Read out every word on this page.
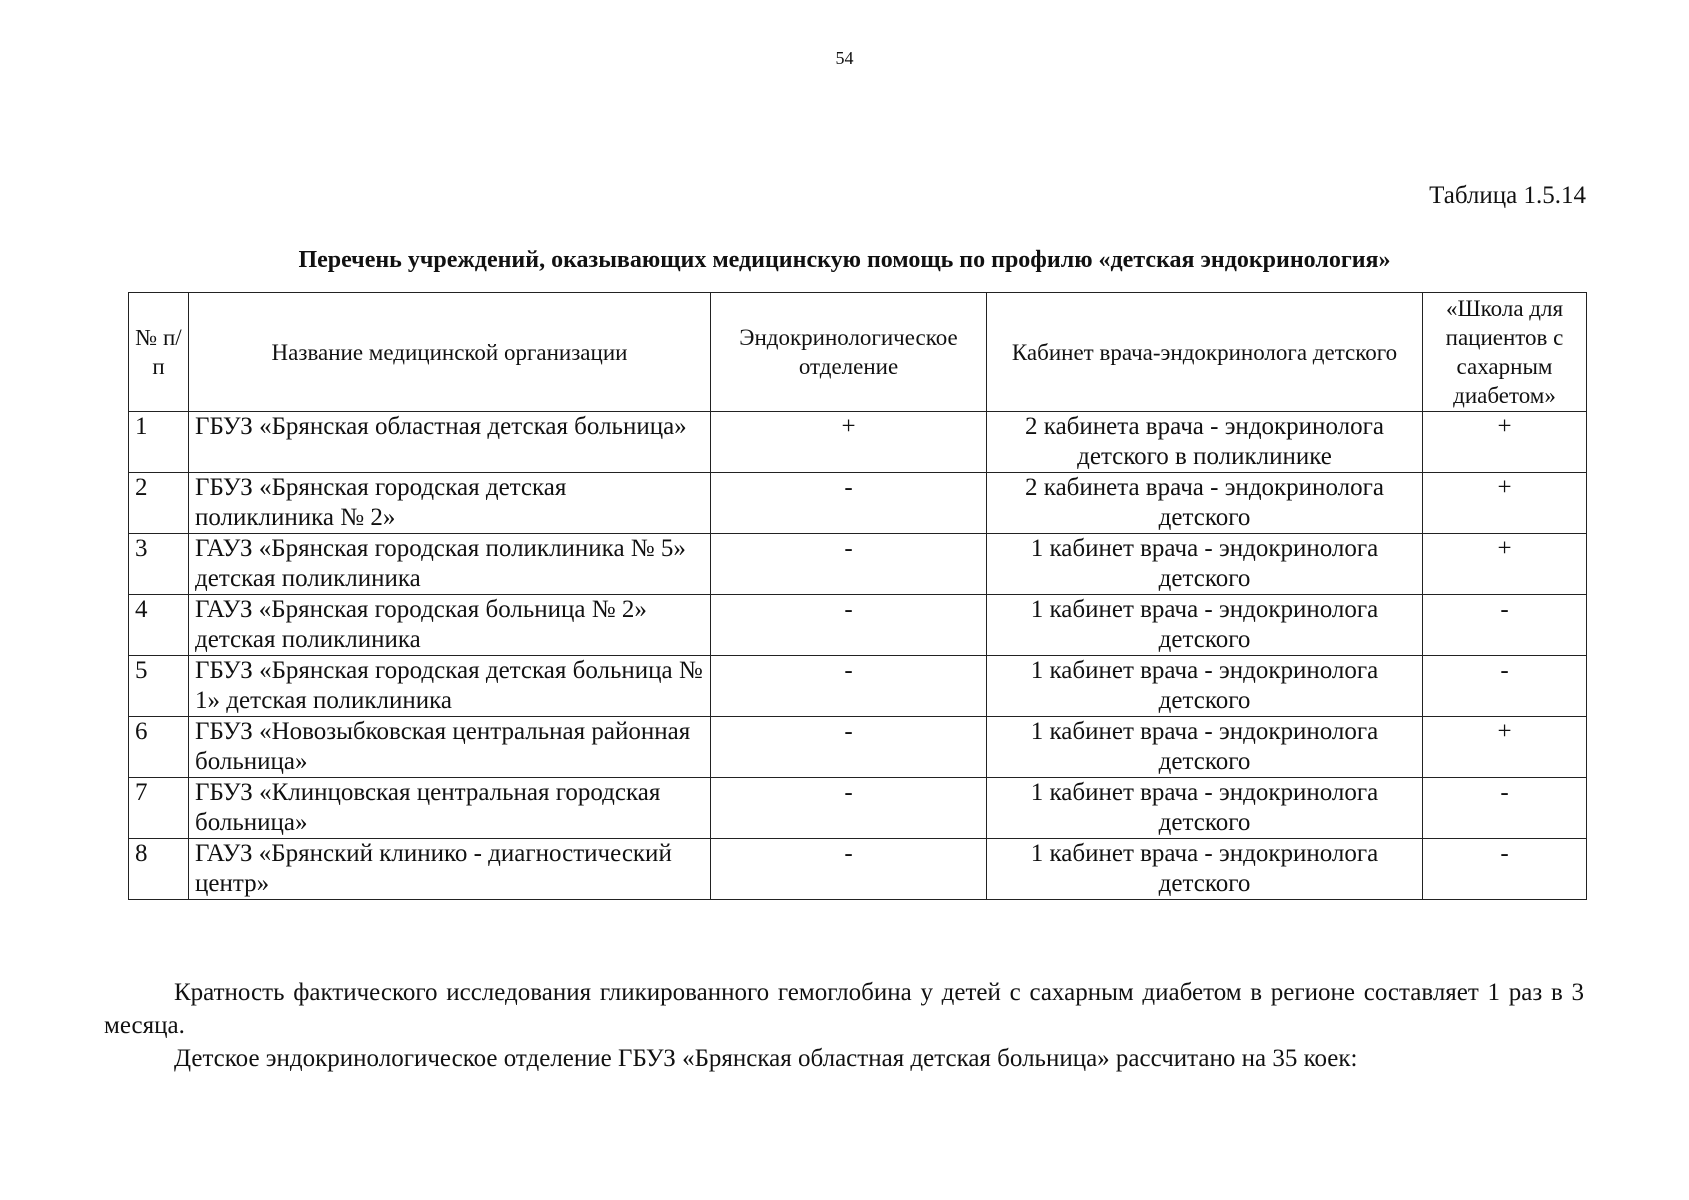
54
Таблица 1.5.14
Перечень учреждений, оказывающих медицинскую помощь по профилю «детская эндокринология»
№ п/п	Название медицинской организации	Эндокринологическое отделение	Кабинет врача-эндокринолога детского	«Школа для пациентов с сахарным диабетом»
1	ГБУЗ «Брянская областная детская больница»	+	2 кабинета врача - эндокринолога детского в поликлинике	+
2	ГБУЗ «Брянская городская детская поликлиника № 2»	-	2 кабинета врача - эндокринолога детского	+
3	ГАУЗ «Брянская городская поликлиника № 5» детская поликлиника	-	1 кабинет врача - эндокринолога детского	+
4	ГАУЗ «Брянская городская больница № 2» детская поликлиника	-	1 кабинет врача - эндокринолога детского	-
5	ГБУЗ «Брянская городская детская больница № 1» детская поликлиника	-	1 кабинет врача - эндокринолога детского	-
6	ГБУЗ «Новозыбковская центральная районная больница»	-	1 кабинет врача - эндокринолога детского	+
7	ГБУЗ «Клинцовская центральная городская больница»	-	1 кабинет врача - эндокринолога детского	-
8	ГАУЗ «Брянский клинико - диагностический центр»	-	1 кабинет врача - эндокринолога детского	-
Кратность фактического исследования гликированного гемоглобина у детей с сахарным диабетом в регионе составляет 1 раз в 3 месяца.
Детское эндокринологическое отделение ГБУЗ «Брянская областная детская больница» рассчитано на 35 коек:
